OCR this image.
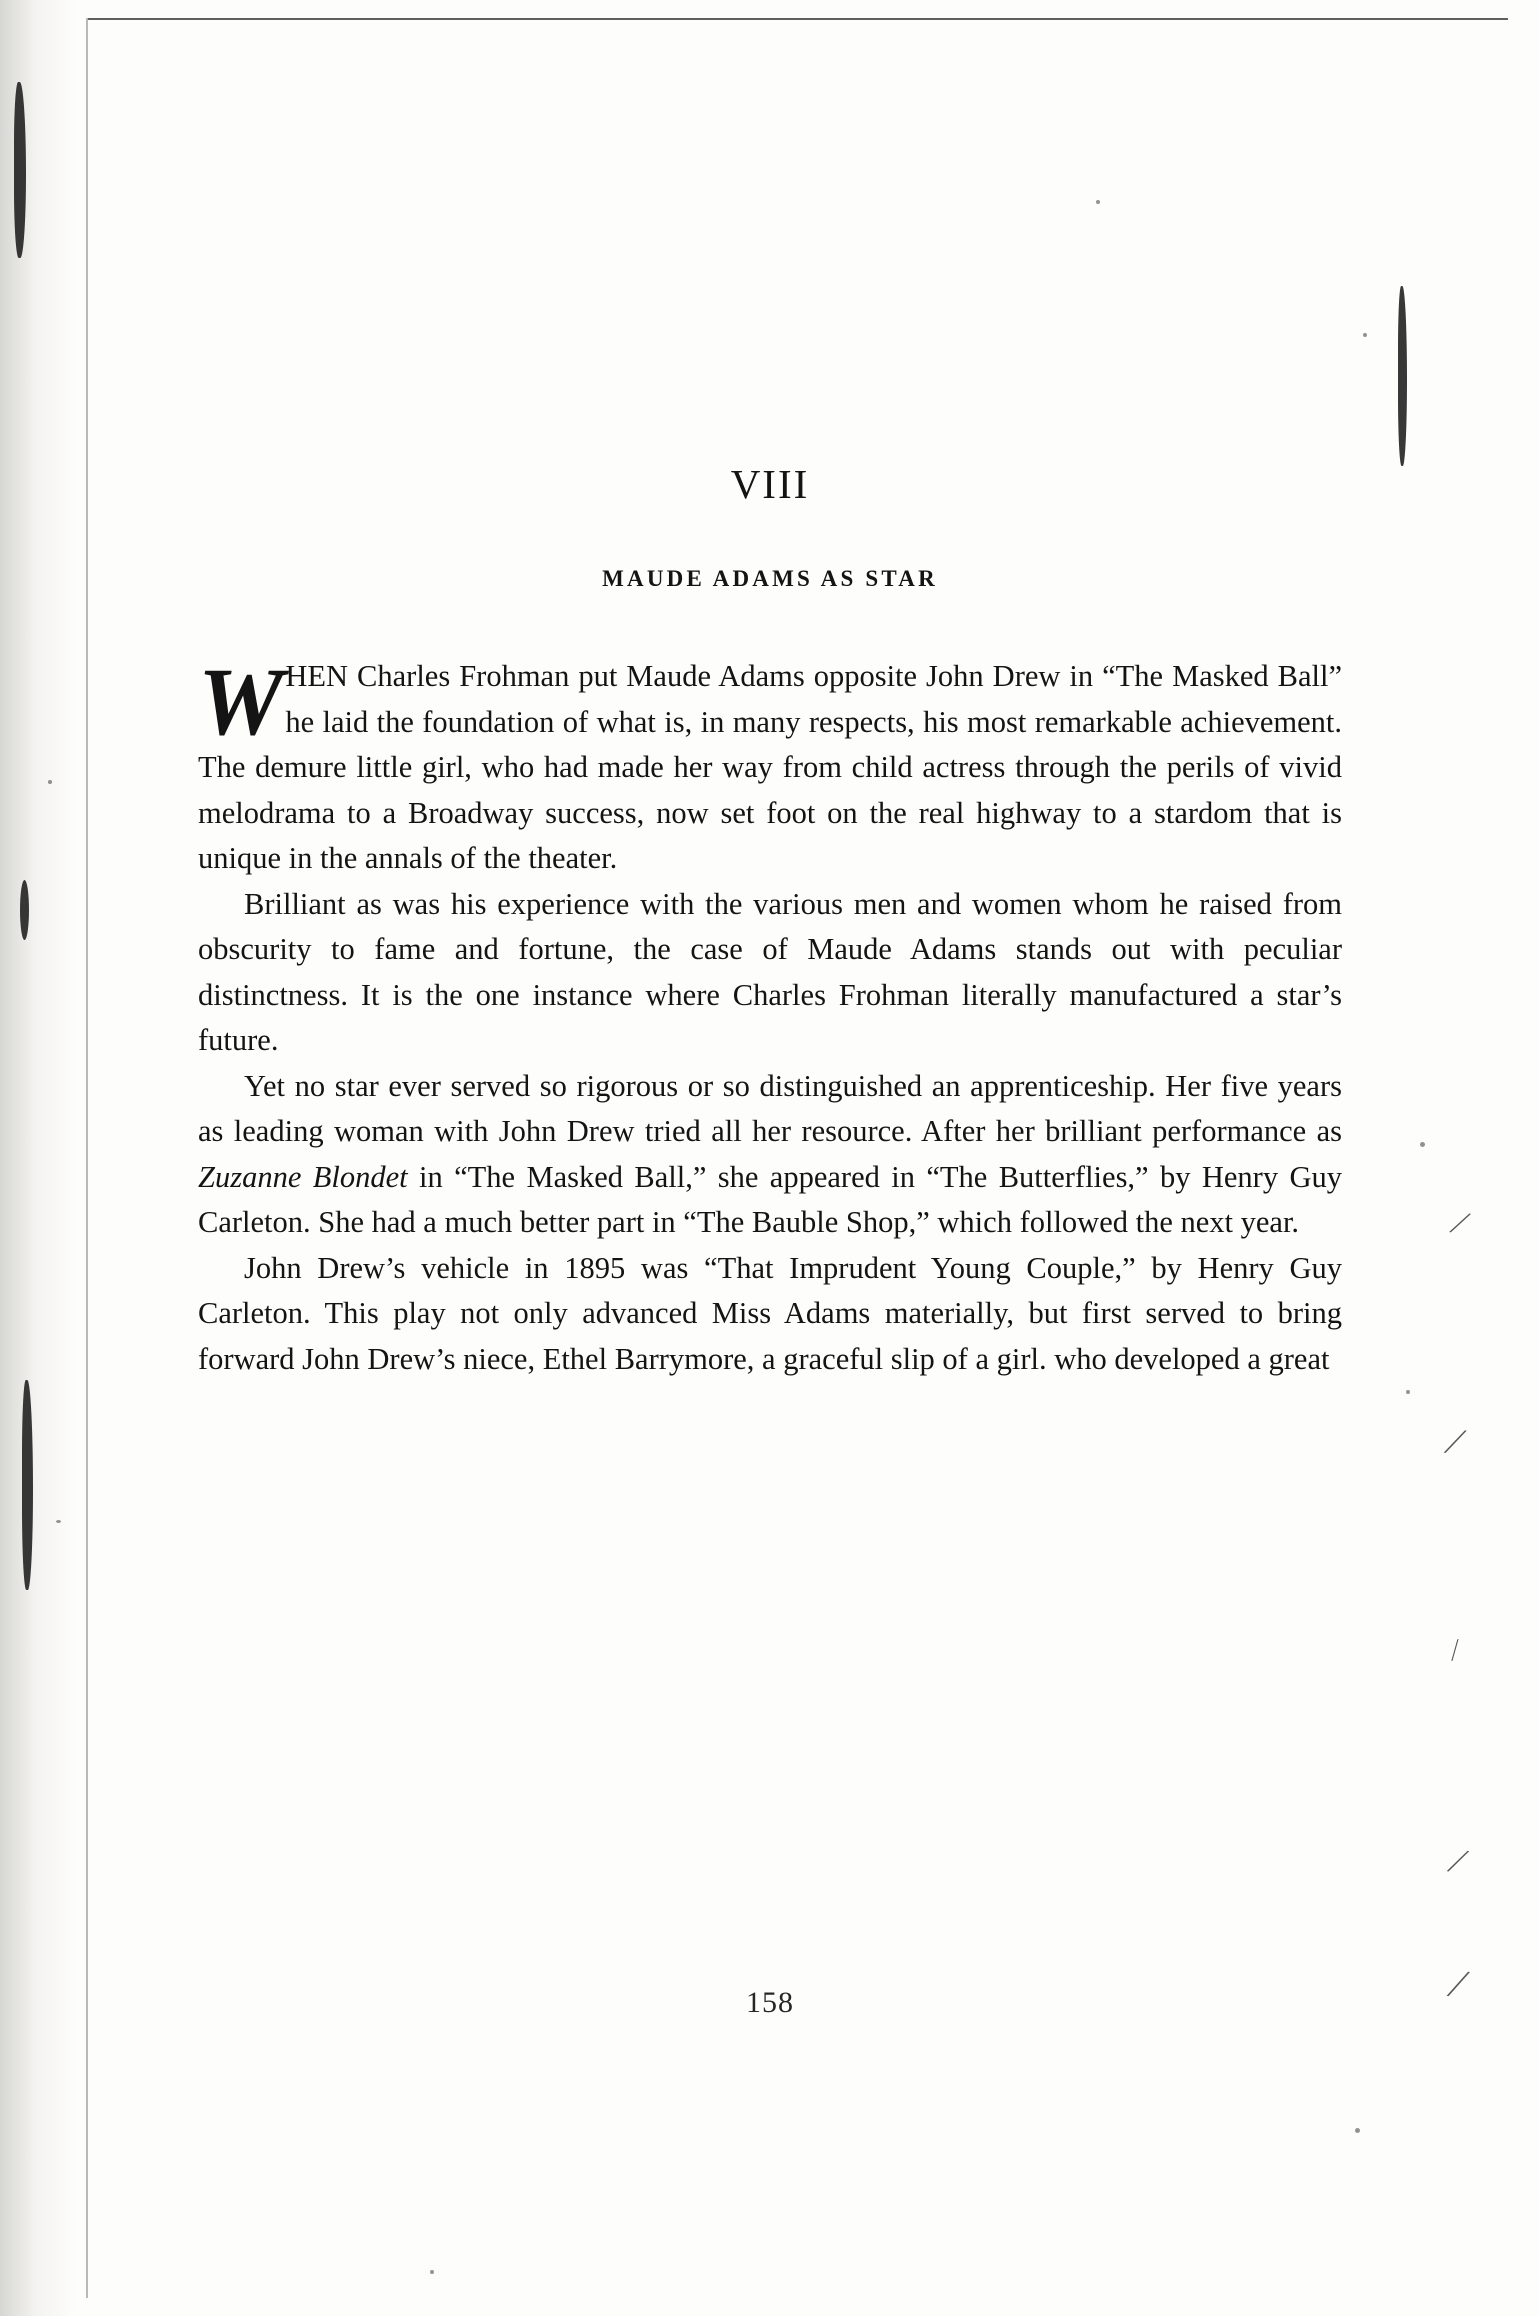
⁄
⁄
⁄
⁄
⁄
VIII
MAUDE ADAMS AS STAR

WHEN Charles Frohman put Maude Adams opposite John Drew in “The Masked Ball” he laid the foundation of what is, in many respects, his most remarkable achievement. The demure little girl, who had made her way from child actress through the perils of vivid melodrama to a Broadway success, now set foot on the real highway to a stardom that is unique in the annals of the theater.

Brilliant as was his experience with the various men and women whom he raised from obscurity to fame and fortune, the case of Maude Adams stands out with peculiar distinctness. It is the one instance where Charles Frohman literally manufactured a star’s future.

Yet no star ever served so rigorous or so distinguished an apprenticeship. Her five years as leading woman with John Drew tried all her resource. After her brilliant performance as Zuzanne Blondet in “The Masked Ball,” she appeared in “The Butterflies,” by Henry Guy Carleton. She had a much better part in “The Bauble Shop,” which followed the next year.

John Drew’s vehicle in 1895 was “That Imprudent Young Couple,” by Henry Guy Carleton. This play not only advanced Miss Adams materially, but first served to bring forward John Drew’s niece, Ethel Barrymore, a graceful slip of a girl. who developed a great

158
